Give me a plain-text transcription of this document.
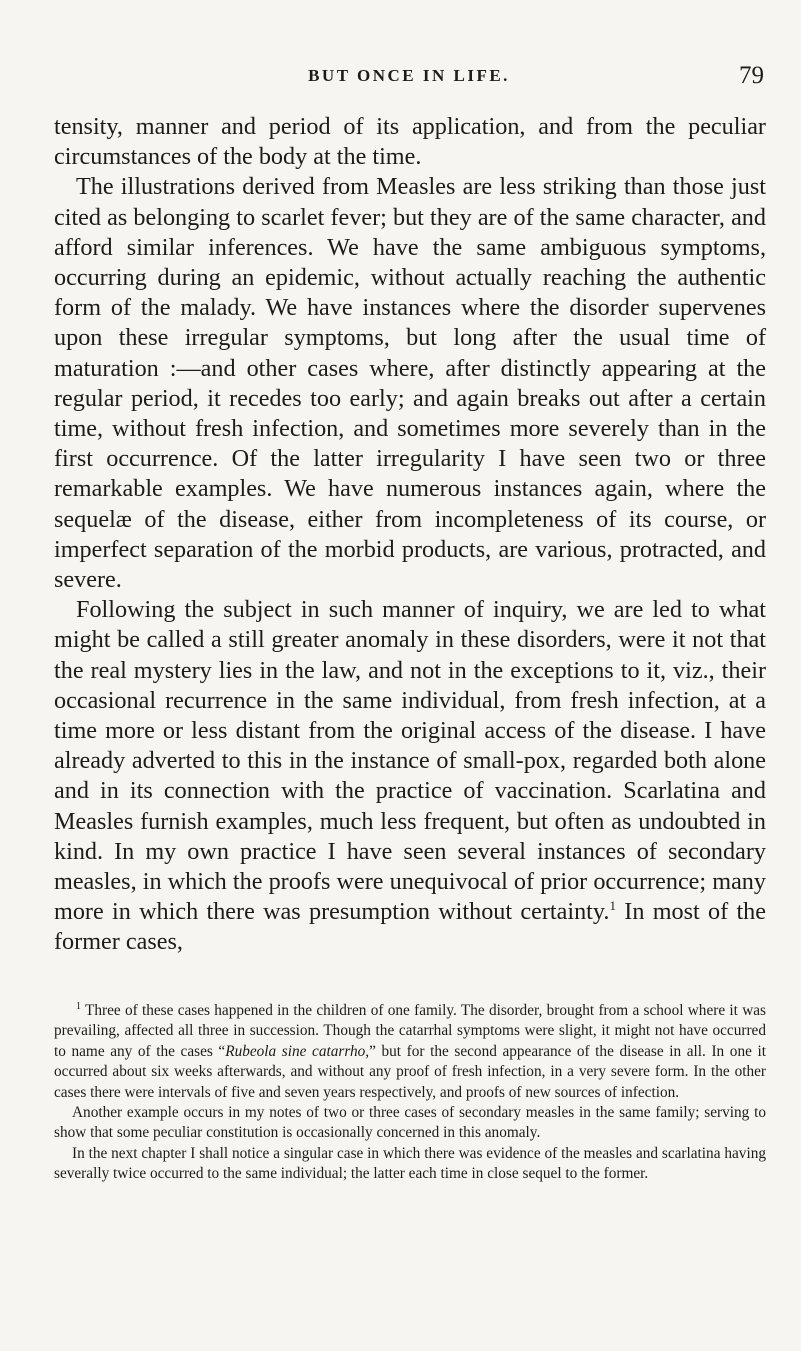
BUT ONCE IN LIFE.	79

tensity, manner and period of its application, and from the peculiar circumstances of the body at the time.

The illustrations derived from Measles are less striking than those just cited as belonging to scarlet fever; but they are of the same character, and afford similar inferences. We have the same ambiguous symptoms, occurring during an epidemic, without actually reaching the authentic form of the malady. We have instances where the disorder supervenes upon these irregular symptoms, but long after the usual time of maturation :—and other cases where, after distinctly appearing at the regular period, it recedes too early; and again breaks out after a certain time, without fresh infection, and sometimes more severely than in the first occurrence. Of the latter irregularity I have seen two or three remarkable examples. We have numerous instances again, where the sequelæ of the disease, either from incompleteness of its course, or imperfect separation of the morbid products, are various, protracted, and severe.

Following the subject in such manner of inquiry, we are led to what might be called a still greater anomaly in these disorders, were it not that the real mystery lies in the law, and not in the exceptions to it, viz., their occasional recurrence in the same individual, from fresh infection, at a time more or less distant from the original access of the disease. I have already adverted to this in the instance of small-pox, regarded both alone and in its connection with the practice of vaccination. Scarlatina and Measles furnish examples, much less frequent, but often as undoubted in kind. In my own practice I have seen several instances of secondary measles, in which the proofs were unequivocal of prior occurrence; many more in which there was presumption without certainty.$^1$ In most of the former cases,

$^1$ Three of these cases happened in the children of one family. The disorder, brought from a school where it was prevailing, affected all three in succession. Though the catarrhal symptoms were slight, it might not have occurred to name any of the cases “Rubeola sine catarrho,” but for the second appearance of the disease in all. In one it occurred about six weeks afterwards, and without any proof of fresh infection, in a very severe form. In the other cases there were intervals of five and seven years respectively, and proofs of new sources of infection.

Another example occurs in my notes of two or three cases of secondary measles in the same family; serving to show that some peculiar constitution is occasionally concerned in this anomaly.

In the next chapter I shall notice a singular case in which there was evidence of the measles and scarlatina having severally twice occurred to the same individual; the latter each time in close sequel to the former.
